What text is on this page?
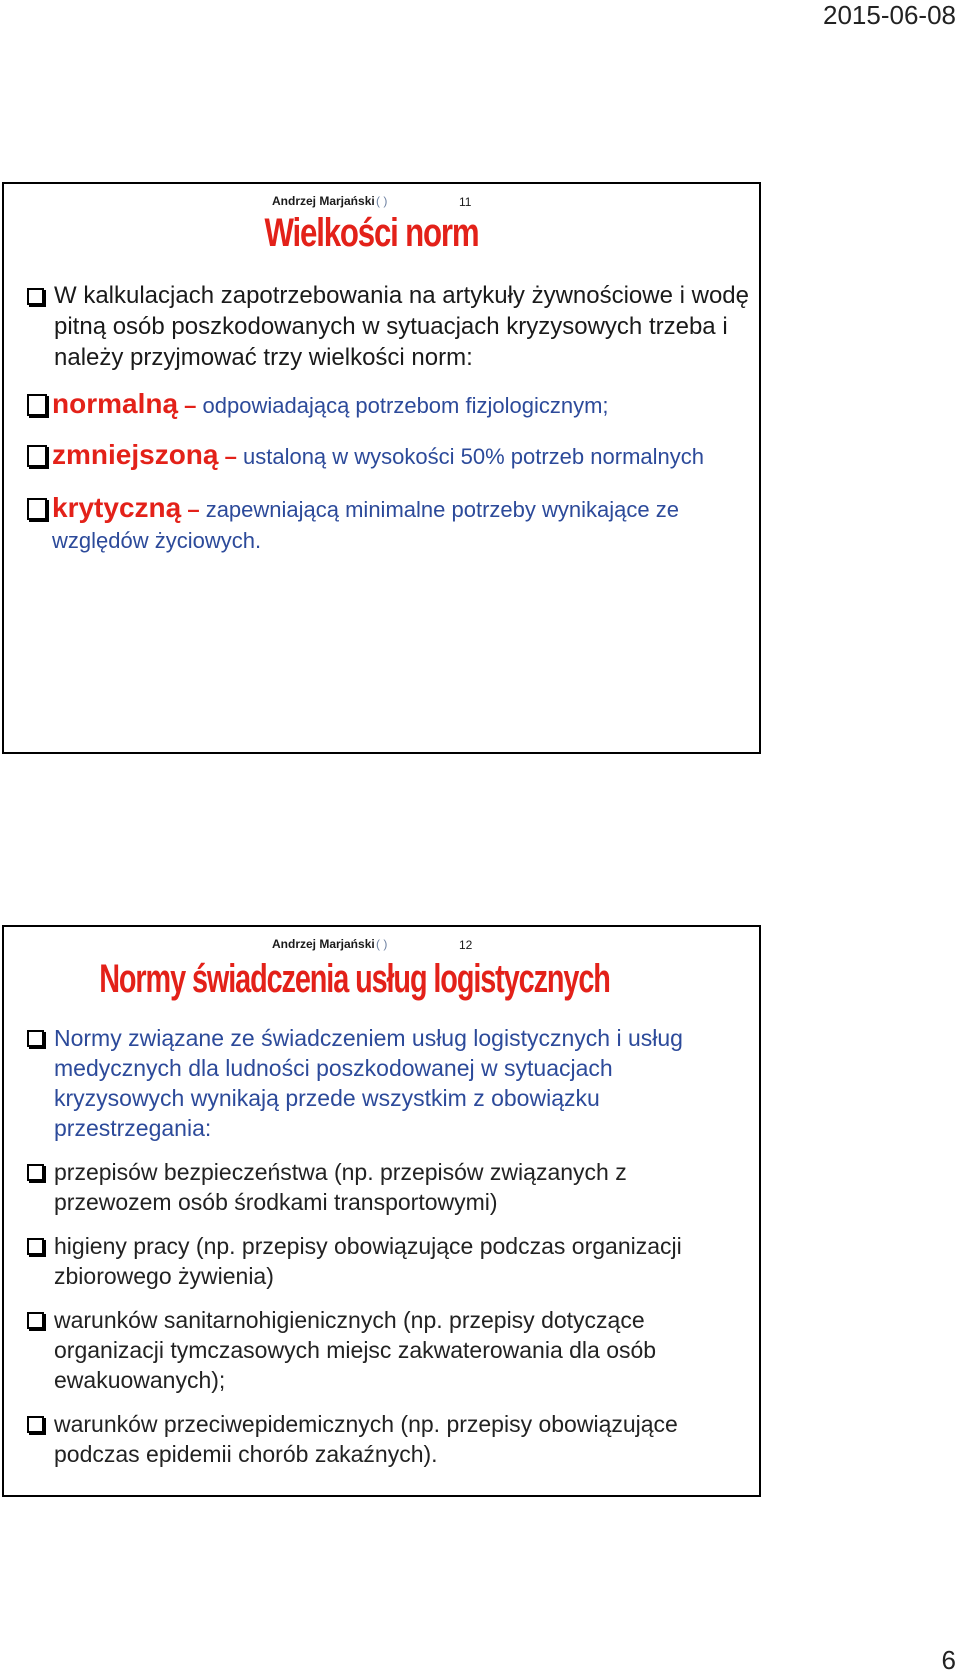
2015-06-08
Andrzej Marjański ( )	11
Wielkości norm
W kalkulacjach zapotrzebowania na artykuły żywnościowe i wodę pitną osób poszkodowanych w sytuacjach kryzysowych trzeba i należy przyjmować trzy wielkości norm:
normalną – odpowiadającą potrzebom fizjologicznym;
zmniejszoną – ustaloną w wysokości 50% potrzeb normalnych
krytyczną – zapewniającą minimalne potrzeby wynikające ze względów życiowych.
Andrzej Marjański ( )	12
Normy świadczenia usług logistycznych
Normy związane ze świadczeniem usług logistycznych i usług medycznych dla ludności poszkodowanej w sytuacjach kryzysowych wynikają przede wszystkim z obowiązku przestrzegania:
przepisów bezpieczeństwa (np. przepisów związanych z przewozem osób środkami transportowymi)
higieny pracy (np. przepisy obowiązujące podczas organizacji zbiorowego żywienia)
warunków sanitarnohigienicznych (np. przepisy dotyczące organizacji tymczasowych miejsc zakwaterowania dla osób ewakuowanych);
warunków przeciwepidemicznych (np. przepisy obowiązujące podczas epidemii chorób zakaźnych).
6
